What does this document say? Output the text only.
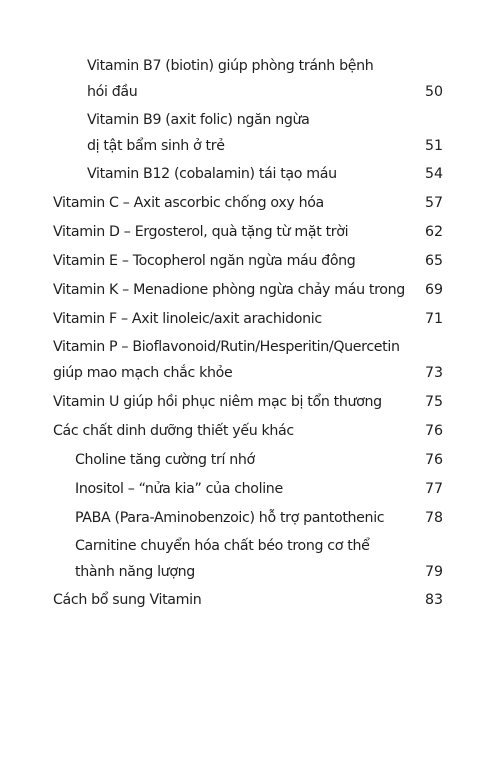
Vitamin B7 (biotin) giúp phòng tránh bệnh
hói đầu	50
Vitamin B9 (axit folic) ngăn ngừa
dị tật bẩm sinh ở trẻ	51
Vitamin B12 (cobalamin) tái tạo máu	54
Vitamin C – Axit ascorbic chống oxy hóa	57
Vitamin D – Ergosterol, quà tặng từ mặt trời	62
Vitamin E – Tocopherol ngăn ngừa máu đông	65
Vitamin K – Menadione phòng ngừa chảy máu trong 69
Vitamin F – Axit linoleic/axit arachidonic	71
Vitamin P – Bioflavonoid/Rutin/Hesperitin/Quercetin
giúp mao mạch chắc khỏe	73
Vitamin U giúp hồi phục niêm mạc bị tổn thương	75
Các chất dinh dưỡng thiết yếu khác	76
Choline tăng cường trí nhớ	76
Inositol – “nửa kia” của choline	77
PABA (Para-Aminobenzoic) hỗ trợ pantothenic	78
Carnitine chuyển hóa chất béo trong cơ thể
thành năng lượng	79
Cách bổ sung Vitamin	83
